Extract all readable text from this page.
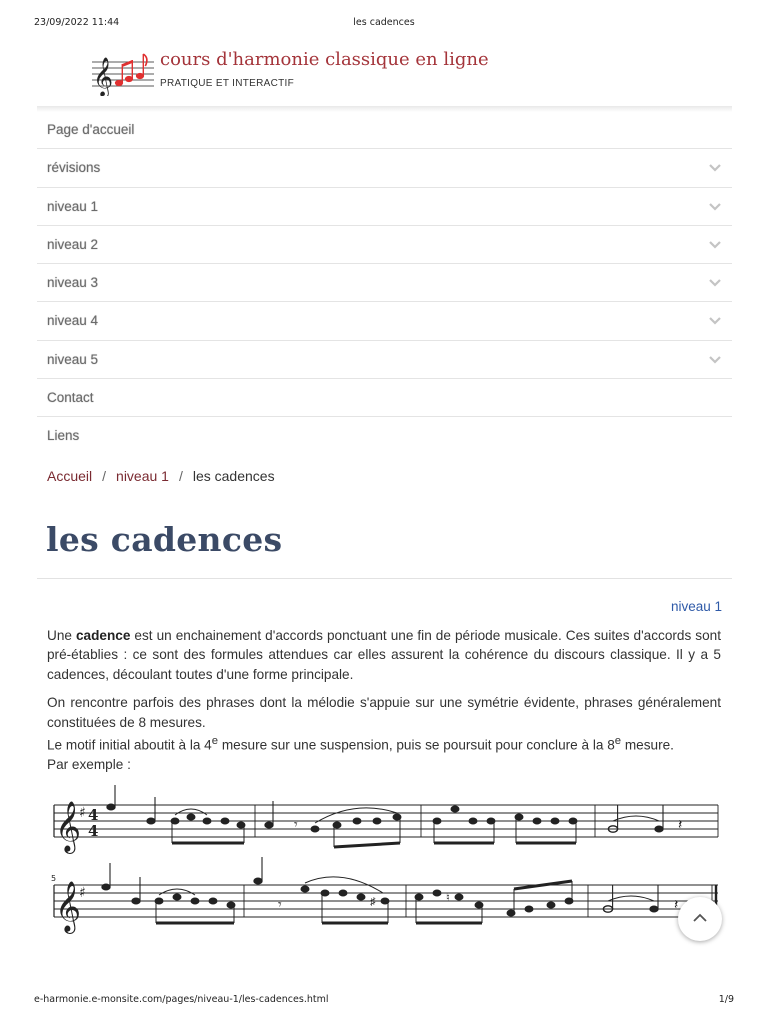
23/09/2022 11:44	les cadences
𝄞	cours d'harmonie classique en ligne
PRATIQUE ET INTERACTIF
Page d'accueil
révisions
niveau 1
niveau 2
niveau 3
niveau 4
niveau 5
Contact
Liens
Accueil / niveau 1 / les cadences
les cadences
niveau 1

Une cadence est un enchainement d'accords ponctuant une fin de période musicale. Ces suites d'accords sont pré-établies : ce sont des formules attendues car elles assurent la cohérence du discours classique. Il y a 5 cadences, découlant toutes d'une forme principale.

On rencontre parfois des phrases dont la mélodie s'appuie sur une symétrie évidente, phrases généralement constituées de 8 mesures.
Le motif initial aboutit à la 4e mesure sur une suspension, puis se poursuit pour conclure à la 8e mesure.
Par exemple :

𝄞
♯ 4
4	𝄾	𝄽
5
𝄞
♯
𝄾	♯	♮	𝄽
e-harmonie.e-monsite.com/pages/niveau-1/les-cadences.html	1/9
